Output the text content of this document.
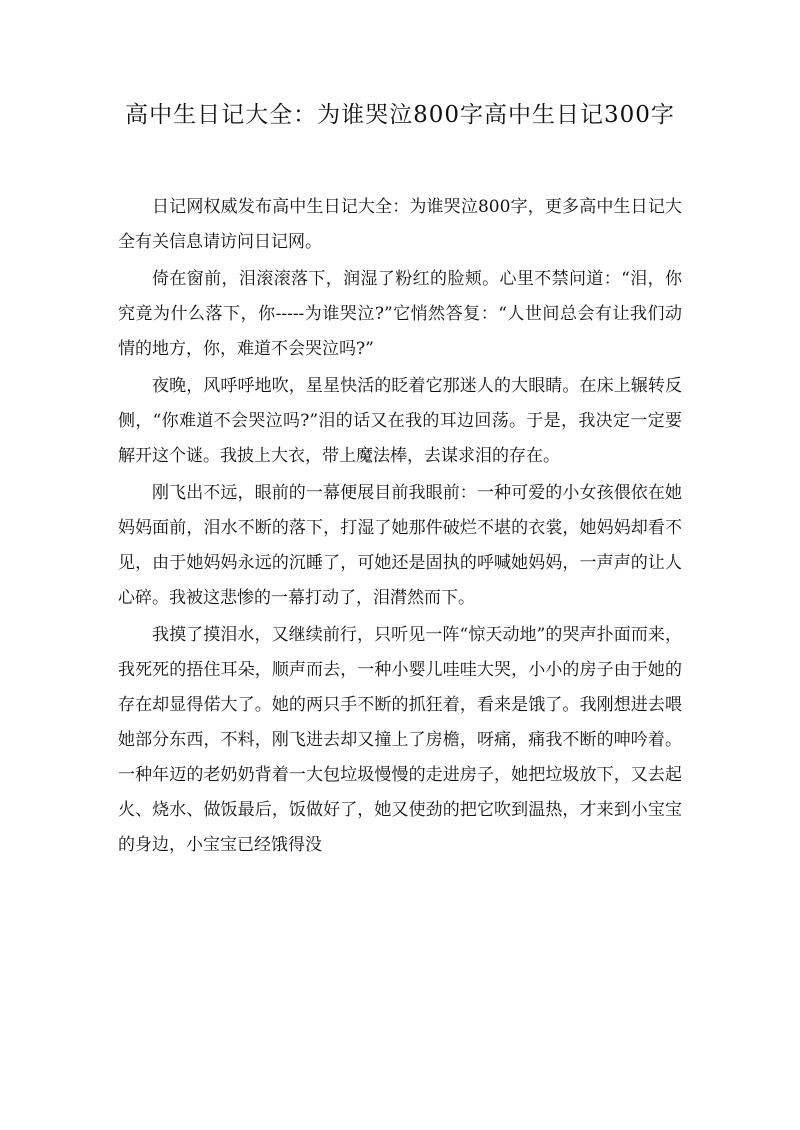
高中生日记大全：为谁哭泣800字高中生日记300字

日记网权威发布高中生日记大全：为谁哭泣800字，更多高中生日记大全有关信息请访问日记网。

倚在窗前，泪滚滚落下，润湿了粉红的脸颊。心里不禁问道：“泪，你究竟为什么落下，你-----为谁哭泣?”它悄然答复：“人世间总会有让我们动情的地方，你，难道不会哭泣吗?”

夜晚，风呼呼地吹，星星快活的眨着它那迷人的大眼睛。在床上辗转反侧，“你难道不会哭泣吗?”泪的话又在我的耳边回荡。于是，我决定一定要解开这个谜。我披上大衣，带上魔法棒，去谋求泪的存在。

刚飞出不远，眼前的一幕便展目前我眼前：一种可爱的小女孩偎依在她妈妈面前，泪水不断的落下，打湿了她那件破烂不堪的衣裳，她妈妈却看不见，由于她妈妈永远的沉睡了，可她还是固执的呼喊她妈妈，一声声的让人心碎。我被这悲惨的一幕打动了，泪潸然而下。

我摸了摸泪水，又继续前行，只听见一阵“惊天动地”的哭声扑面而来，我死死的捂住耳朵，顺声而去，一种小婴儿哇哇大哭，小小的房子由于她的存在却显得偌大了。她的两只手不断的抓狂着，看来是饿了。我刚想进去喂她部分东西，不料，刚飞进去却又撞上了房檐，呀痛，痛我不断的呻吟着。一种年迈的老奶奶背着一大包垃圾慢慢的走进房子，她把垃圾放下，又去起火、烧水、做饭最后，饭做好了，她又使劲的把它吹到温热，才来到小宝宝的身边，小宝宝已经饿得没
